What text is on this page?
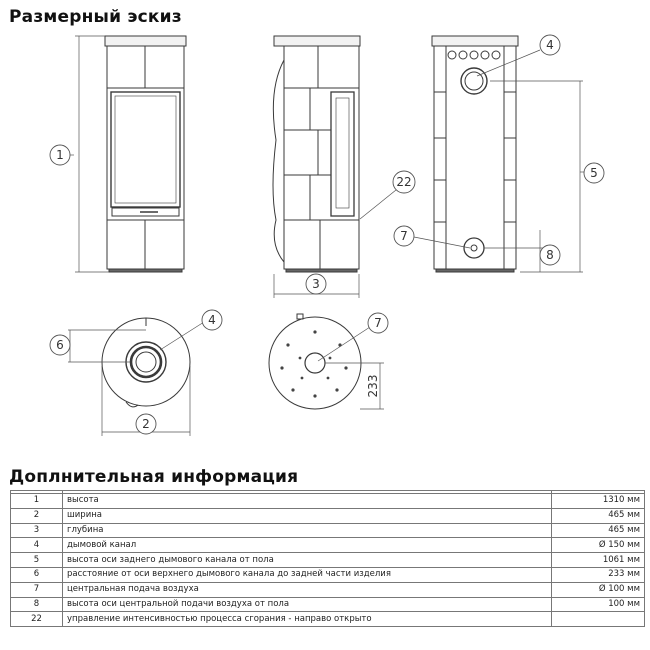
Размерный эскиз
1
3
22
4
5
7
8
6
4
2
7
233
Доплнительная информация

1	высота	1310 мм
2	ширина	465 мм
3	глубина	465 мм
4	дымовой канал	Ø 150 мм
5	высота оси заднего дымового канала от пола	1061 мм
6	расстояние от оси верхнего дымового канала до задней части изделия	233 мм
7	центральная подача воздуха	Ø 100 мм
8	высота оси центральной подачи воздуха от пола	100 мм
22	управление интенсивностью процесса сгорания - направо открыто	
